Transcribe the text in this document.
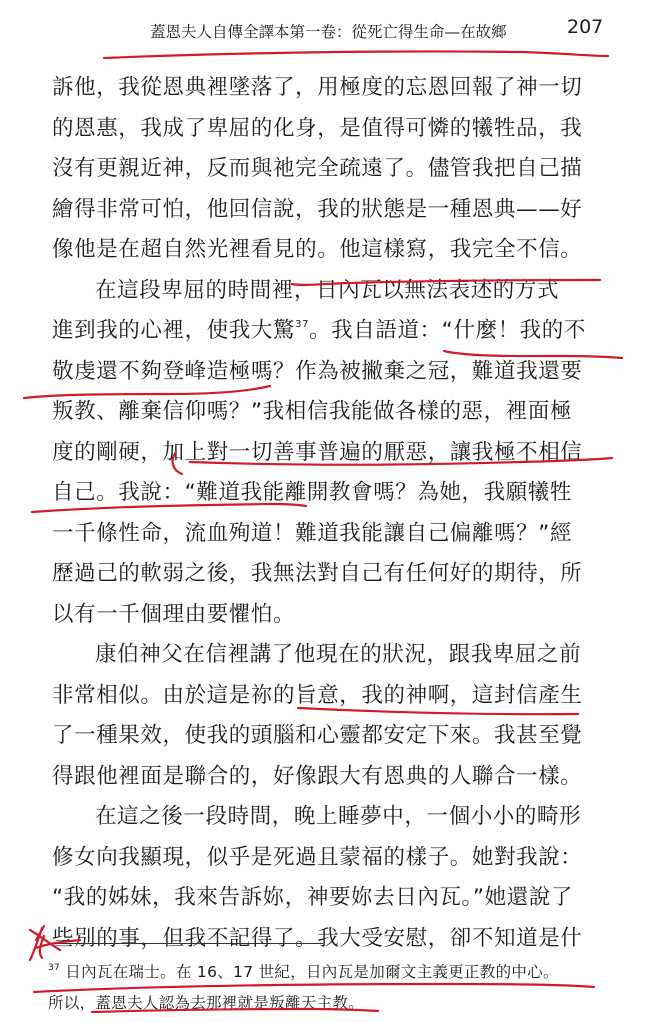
蓋恩夫人自傳全譯本第一卷：從死亡得生命—在故鄉	207
訴他，我從恩典裡墜落了，用極度的忘恩回報了神一切
的恩惠，我成了卑屈的化身，是值得可憐的犧牲品，我
沒有更親近神，反而與祂完全疏遠了。儘管我把自己描
繪得非常可怕，他回信說，我的狀態是一種恩典——好
像他是在超自然光裡看見的。他這樣寫，我完全不信。
在這段卑屈的時間裡，日內瓦以無法表述的方式
進到我的心裡，使我大驚$^{37}$。我自語道：“什麼！我的不
敬虔還不夠登峰造極嗎？作為被撇棄之冠，難道我還要
叛教、離棄信仰嗎？”我相信我能做各樣的惡，裡面極
度的剛硬，加上對一切善事普遍的厭惡，讓我極不相信
自己。我說：“難道我能離開教會嗎？為她，我願犧牲
一千條性命，流血殉道！難道我能讓自己偏離嗎？”經
歷過己的軟弱之後，我無法對自己有任何好的期待，所
以有一千個理由要懼怕。
康伯神父在信裡講了他現在的狀況，跟我卑屈之前
非常相似。由於這是祢的旨意，我的神啊，這封信產生
了一種果效，使我的頭腦和心靈都安定下來。我甚至覺
得跟他裡面是聯合的，好像跟大有恩典的人聯合一樣。
在這之後一段時間，晚上睡夢中，一個小小的畸形
修女向我顯現，似乎是死過且蒙福的樣子。她對我說：
“我的姊妹，我來告訴妳，神要妳去日內瓦。”她還說了
些別的事，但我不記得了。我大受安慰，卻不知道是什
$^{37}$ 日內瓦在瑞士。在 16、17 世紀，日內瓦是加爾文主義更正教的中心。
所以，蓋恩夫人認為去那裡就是叛離天主教。
